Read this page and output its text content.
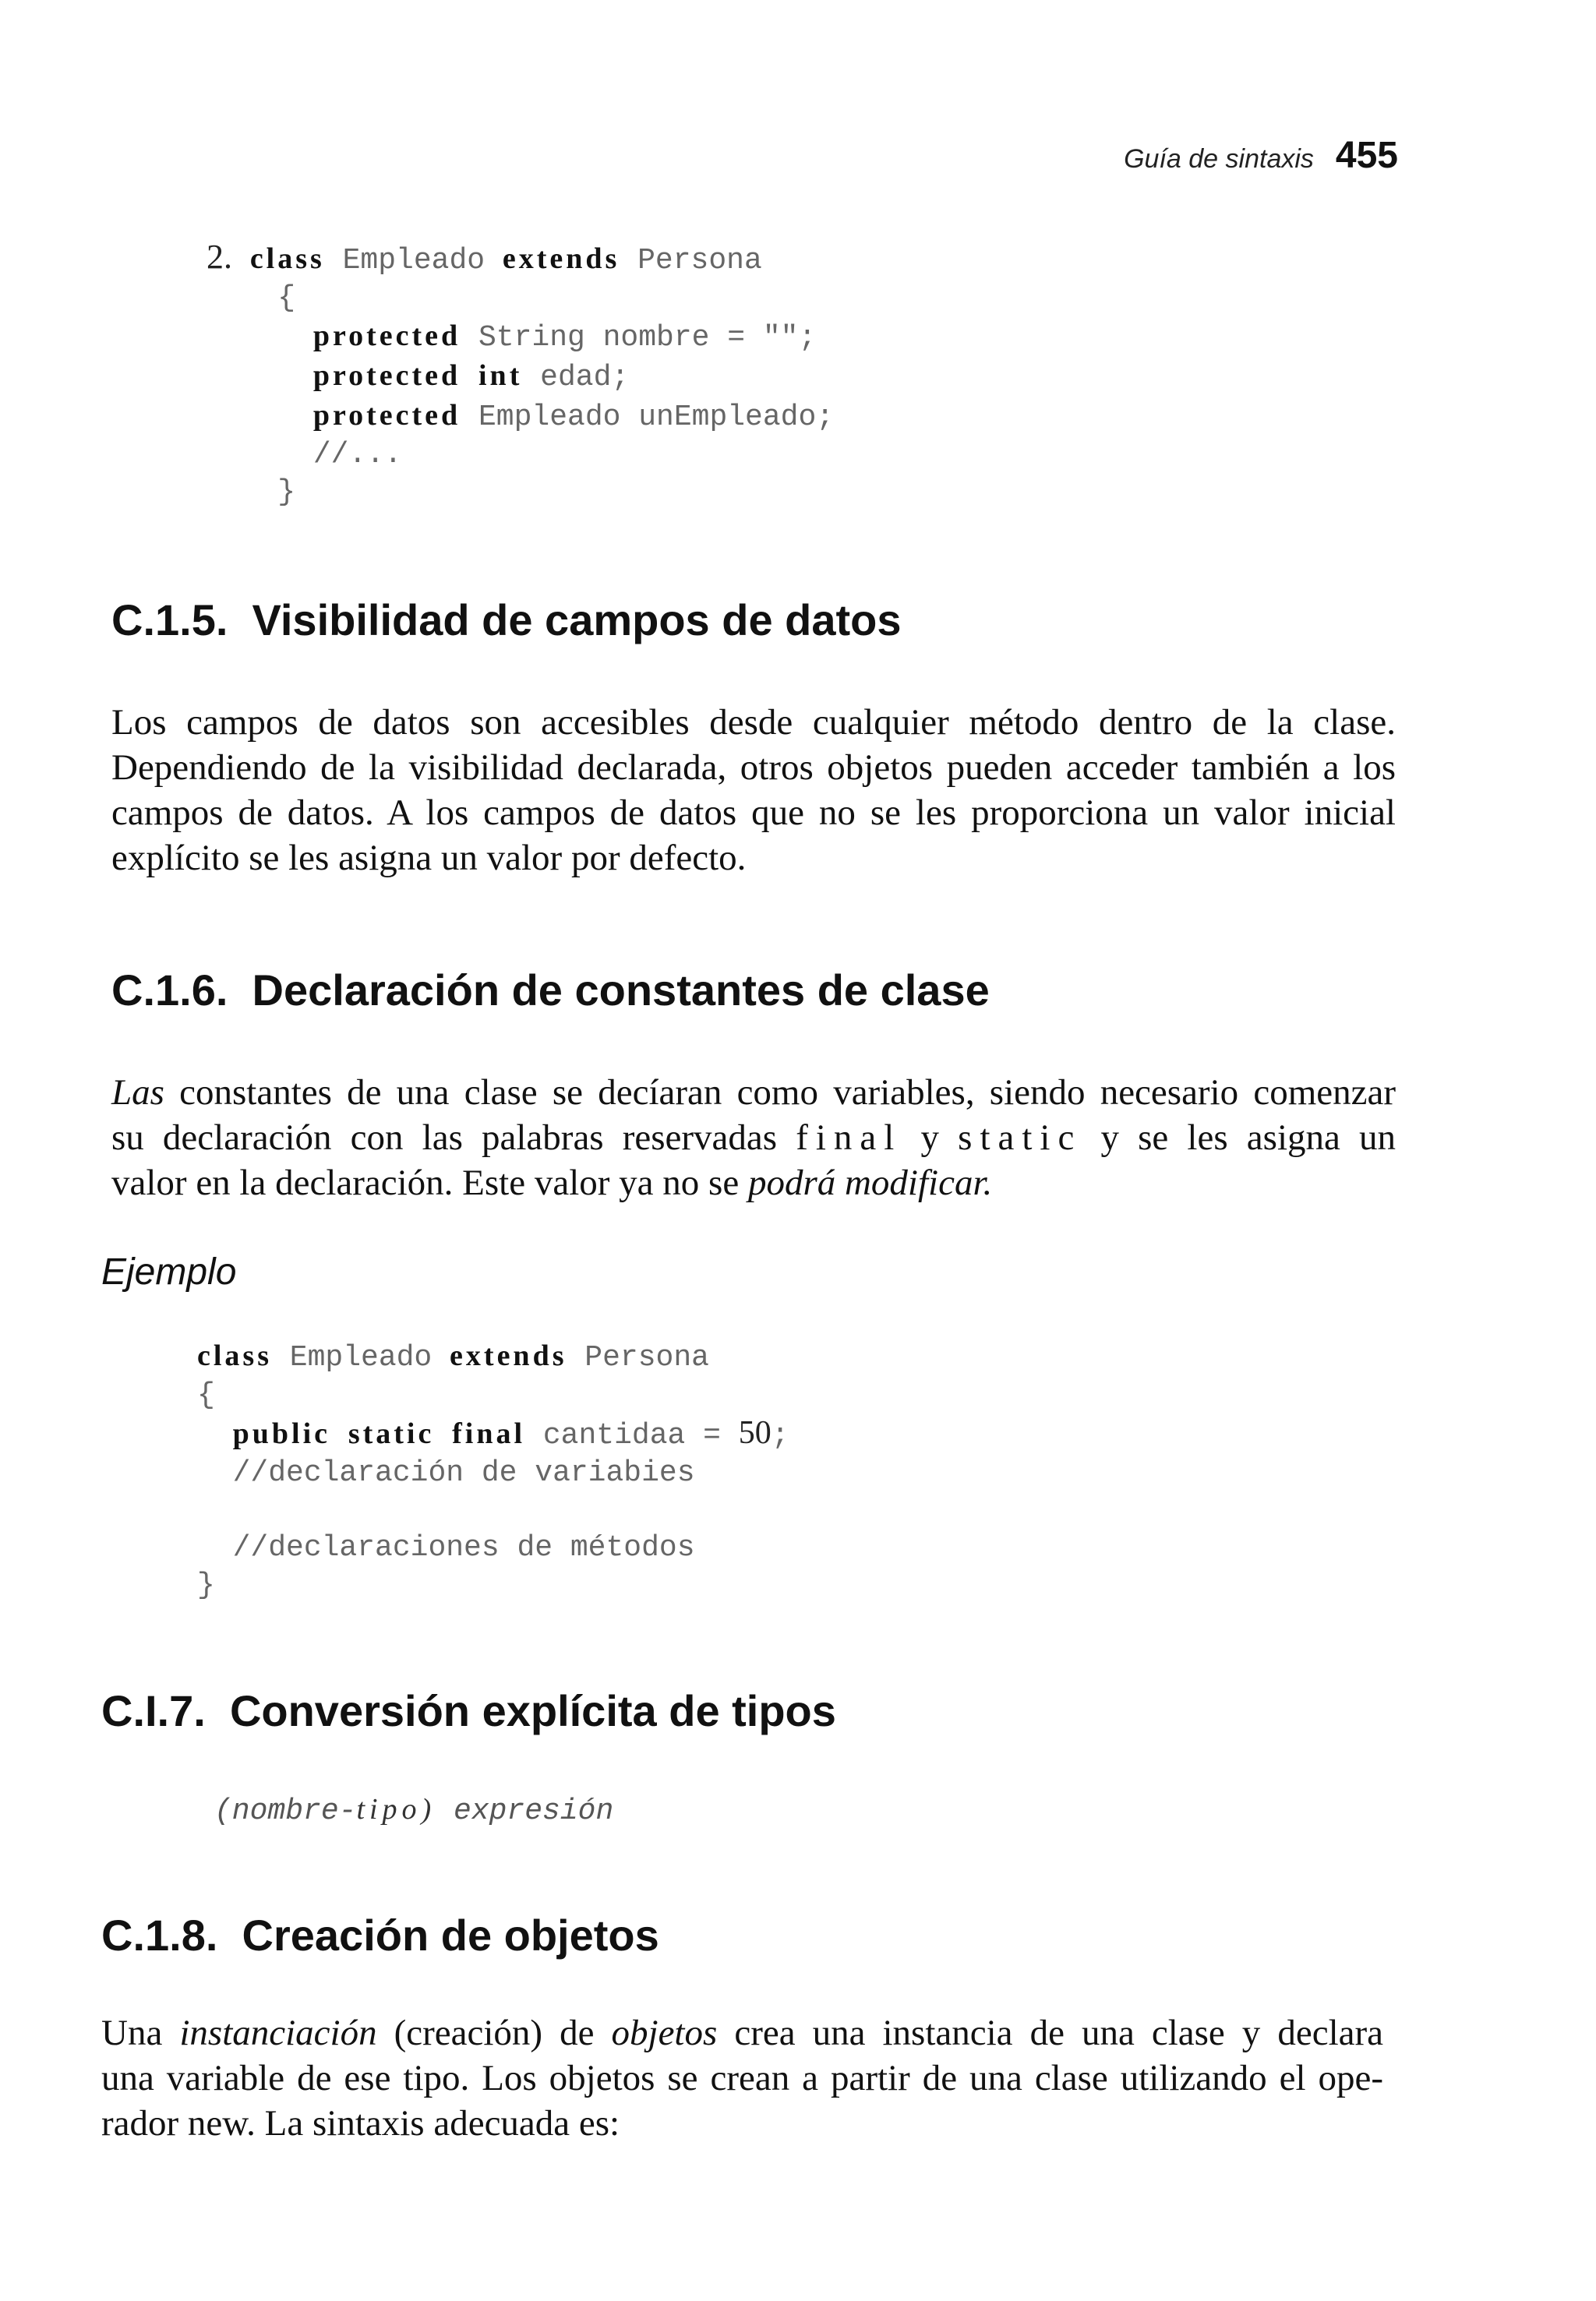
Guía de sintaxis 455
2. class Empleado extends Persona
{
protected String nombre = "";
protected int edad;
protected Empleado unEmpleado;
//...
}
C.1.5. Visibilidad de campos de datos

Los campos de datos son accesibles desde cualquier método dentro de la clase.
Dependiendo de la visibilidad declarada, otros objetos pueden acceder también a los
campos de datos. A los campos de datos que no se les proporciona un valor inicial
explícito se les asigna un valor por defecto.

C.1.6. Declaración de constantes de clase

Las constantes de una clase se decíaran como variables, siendo necesario comenzar
su declaración con las palabras reservadas final y static y se les asigna un
valor en la declaración. Este valor ya no se podrá modificar.

Ejemplo

class Empleado extends Persona
{
public static final cantidaa = 50;
//declaración de variabies

//declaraciones de métodos
}
C.I.7. Conversión explícita de tipos
(nombre-tipo) expresión
C.1.8. Creación de objetos

Una instanciación (creación) de objetos crea una instancia de una clase y declara
una variable de ese tipo. Los objetos se crean a partir de una clase utilizando el ope-
rador new. La sintaxis adecuada es:
